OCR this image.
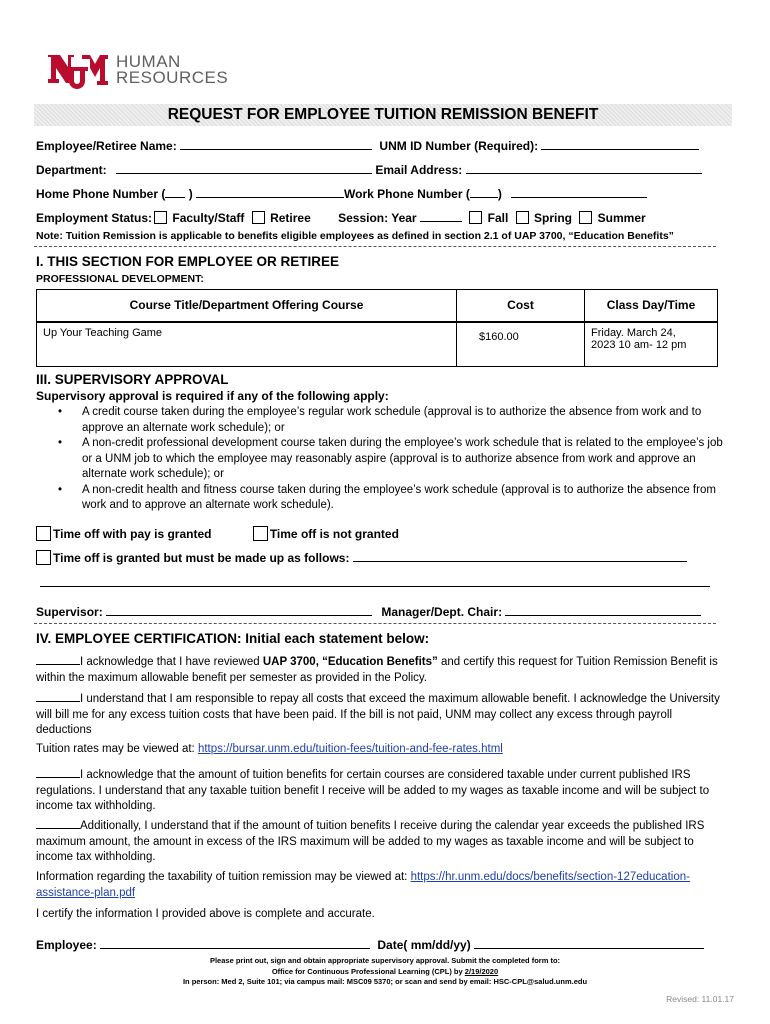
HUMAN
RESOURCES
REQUEST FOR EMPLOYEE TUITION REMISSION BENEFIT
Employee/Retiree Name:	UNM ID Number (Required):
Department:	Email Address:
Home Phone Number ( )	Work Phone Number ( )
Employment Status: Faculty/Staff Retiree Session: Year	Fall Spring Summer
Note: Tuition Remission is applicable to benefits eligible employees as defined in section 2.1 of UAP 3700, “Education Benefits”
I. THIS SECTION FOR EMPLOYEE OR RETIREE
PROFESSIONAL DEVELOPMENT:
Course Title/Department Offering Course	Cost	Class Day/Time
Up Your Teaching Game	$160.00	Friday. March 24,
2023 10 am- 12 pm
III. SUPERVISORY APPROVAL
Supervisory approval is required if any of the following apply:
• A credit course taken during the employee’s regular work schedule (approval is to authorize the absence from work and to approve an alternate work schedule); or
• A non-credit professional development course taken during the employee’s work schedule that is related to the employee’s job or a UNM job to which the employee may reasonably aspire (approval is to authorize absence from work and approve an alternate work schedule); or
• A non-credit health and fitness course taken during the employee’s work schedule (approval is to authorize the absence from work and to approve an alternate work schedule).
Time off with pay is granted	Time off is not granted
Time off is granted but must be made up as follows:
Supervisor:	Manager/Dept. Chair:
IV. EMPLOYEE CERTIFICATION: Initial each statement below:
I acknowledge that I have reviewed UAP 3700, “Education Benefits” and certify this request for Tuition Remission Benefit is within the maximum allowable benefit per semester as provided in the Policy.
I understand that I am responsible to repay all costs that exceed the maximum allowable benefit. I acknowledge the University will bill me for any excess tuition costs that have been paid. If the bill is not paid, UNM may collect any excess through payroll deductions
Tuition rates may be viewed at: https://bursar.unm.edu/tuition-fees/tuition-and-fee-rates.html
I acknowledge that the amount of tuition benefits for certain courses are considered taxable under current published IRS regulations. I understand that any taxable tuition benefit I receive will be added to my wages as taxable income and will be subject to income tax withholding.
Additionally, I understand that if the amount of tuition benefits I receive during the calendar year exceeds the published IRS maximum amount, the amount in excess of the IRS maximum will be added to my wages as taxable income and will be subject to income tax withholding.
Information regarding the taxability of tuition remission may be viewed at: https://hr.unm.edu/docs/benefits/section-127education-assistance-plan.pdf
I certify the information I provided above is complete and accurate.
Employee:	Date( mm/dd/yy)
Please print out, sign and obtain appropriate supervisory approval. Submit the completed form to:
Office for Continuous Professional Learning (CPL) by 2/19/2020
In person: Med 2, Suite 101; via campus mail: MSC09 5370; or scan and send by email: HSC-CPL@salud.unm.edu
Revised: 11.01.17
